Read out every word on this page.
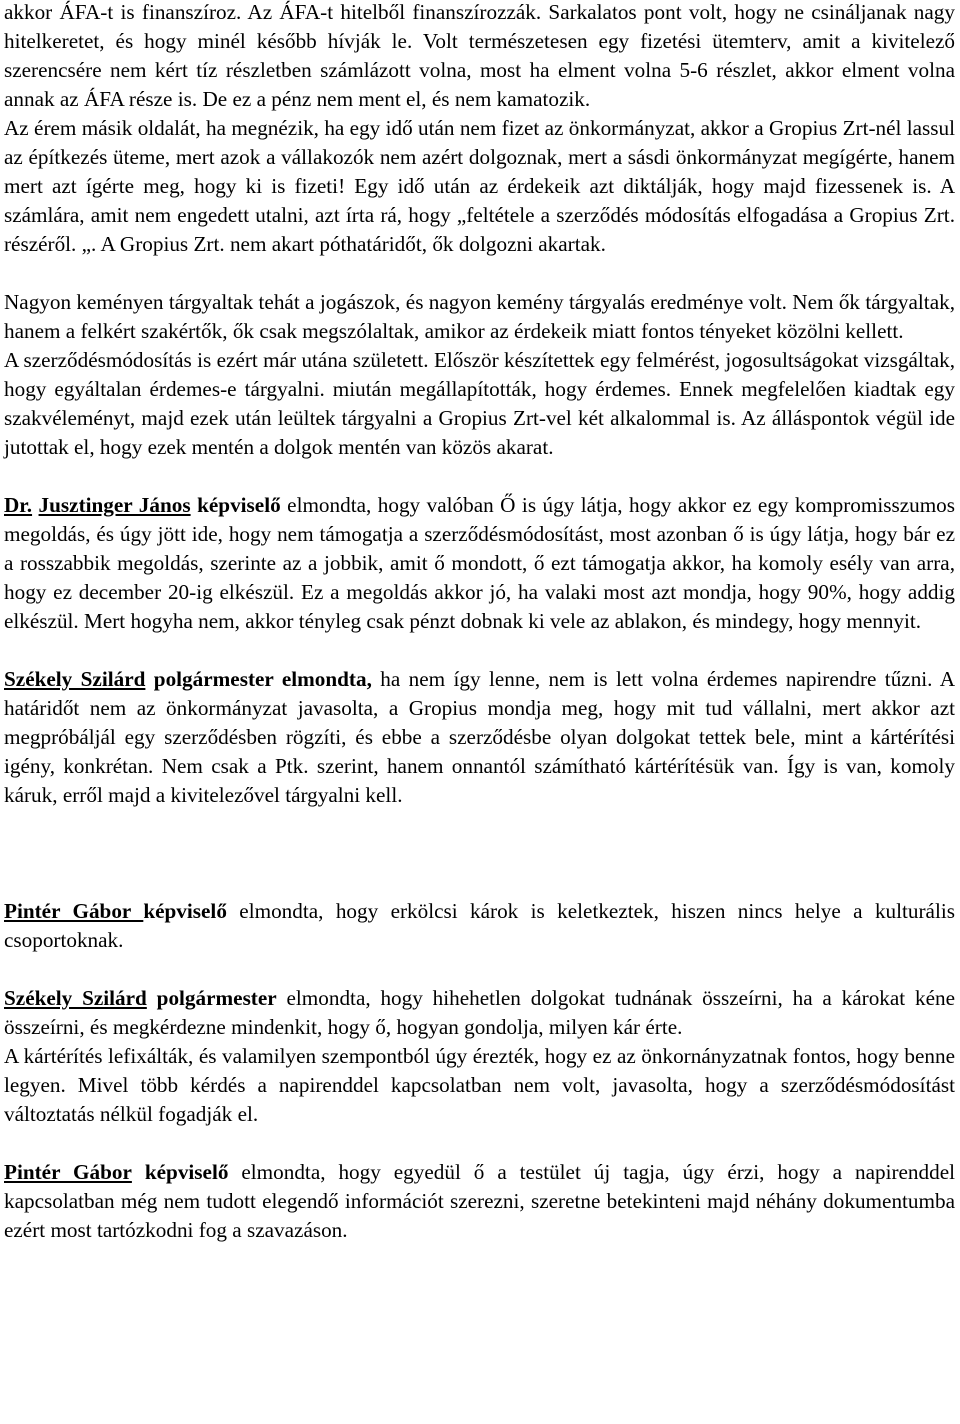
akkor ÁFA-t is finanszíroz. Az ÁFA-t hitelből finanszírozzák. Sarkalatos pont volt, hogy ne csináljanak nagy hitelkeretet, és hogy minél később hívják le. Volt természetesen egy fizetési ütemterv, amit a kivitelező szerencsére nem kért tíz részletben számlázott volna, most ha elment volna 5-6 részlet, akkor elment volna annak az ÁFA része is. De ez a pénz nem ment el, és nem kamatozik.

Az érem másik oldalát, ha megnézik, ha egy idő után nem fizet az önkormányzat, akkor a Gropius Zrt-nél lassul az építkezés üteme, mert azok a vállakozók nem azért dolgoznak, mert a sásdi önkormányzat megígérte, hanem mert azt ígérte meg, hogy ki is fizeti! Egy idő után az érdekeik azt diktálják, hogy majd fizessenek is. A számlára, amit nem engedett utalni, azt írta rá, hogy „feltétele a szerződés módosítás elfogadása a Gropius Zrt. részéről. „. A Gropius Zrt. nem akart póthatáridőt, ők dolgozni akartak.

Nagyon keményen tárgyaltak tehát a jogászok, és nagyon kemény tárgyalás eredménye volt. Nem ők tárgyaltak, hanem a felkért szakértők, ők csak megszólaltak, amikor az érdekeik miatt fontos tényeket közölni kellett.

A szerződésmódosítás is ezért már utána született. Először készítettek egy felmérést, jogosultságokat vizsgáltak, hogy egyáltalan érdemes-e tárgyalni. miután megállapították, hogy érdemes. Ennek megfelelően kiadtak egy szakvéleményt, majd ezek után leültek tárgyalni a Gropius Zrt-vel két alkalommal is. Az álláspontok végül ide jutottak el, hogy ezek mentén a dolgok mentén van közös akarat.

Dr. Jusztinger János képviselő elmondta, hogy valóban Ő is úgy látja, hogy akkor ez egy kompromisszumos megoldás, és úgy jött ide, hogy nem támogatja a szerződésmódosítást, most azonban ő is úgy látja, hogy bár ez a rosszabbik megoldás, szerinte az a jobbik, amit ő mondott, ő ezt támogatja akkor, ha komoly esély van arra, hogy ez december 20-ig elkészül. Ez a megoldás akkor jó, ha valaki most azt mondja, hogy 90%, hogy addig elkészül. Mert hogyha nem, akkor tényleg csak pénzt dobnak ki vele az ablakon, és mindegy, hogy mennyit.

Székely Szilárd polgármester elmondta, ha nem így lenne, nem is lett volna érdemes napirendre tűzni. A határidőt nem az önkormányzat javasolta, a Gropius mondja meg, hogy mit tud vállalni, mert akkor azt megpróbáljál egy szerződésben rögzíti, és ebbe a szerződésbe olyan dolgokat tettek bele, mint a kártérítési igény, konkrétan. Nem csak a Ptk. szerint, hanem onnantól számítható kártérítésük van. Így is van, komoly káruk, erről majd a kivitelezővel tárgyalni kell.

Pintér Gábor képviselő elmondta, hogy erkölcsi károk is keletkeztek, hiszen nincs helye a kulturális csoportoknak.

Székely Szilárd polgármester elmondta, hogy hihehetlen dolgokat tudnának összeírni, ha a károkat kéne összeírni, és megkérdezne mindenkit, hogy ő, hogyan gondolja, milyen kár érte.

A kártérítés lefixálták, és valamilyen szempontból úgy érezték, hogy ez az önkornányzatnak fontos, hogy benne legyen. Mivel több kérdés a napirenddel kapcsolatban nem volt, javasolta, hogy a szerződésmódosítást változtatás nélkül fogadják el.

Pintér Gábor képviselő elmondta, hogy egyedül ő a testület új tagja, úgy érzi, hogy a napirenddel kapcsolatban még nem tudott elegendő információt szerezni, szeretne betekinteni majd néhány dokumentumba ezért most tartózkodni fog a szavazáson.
